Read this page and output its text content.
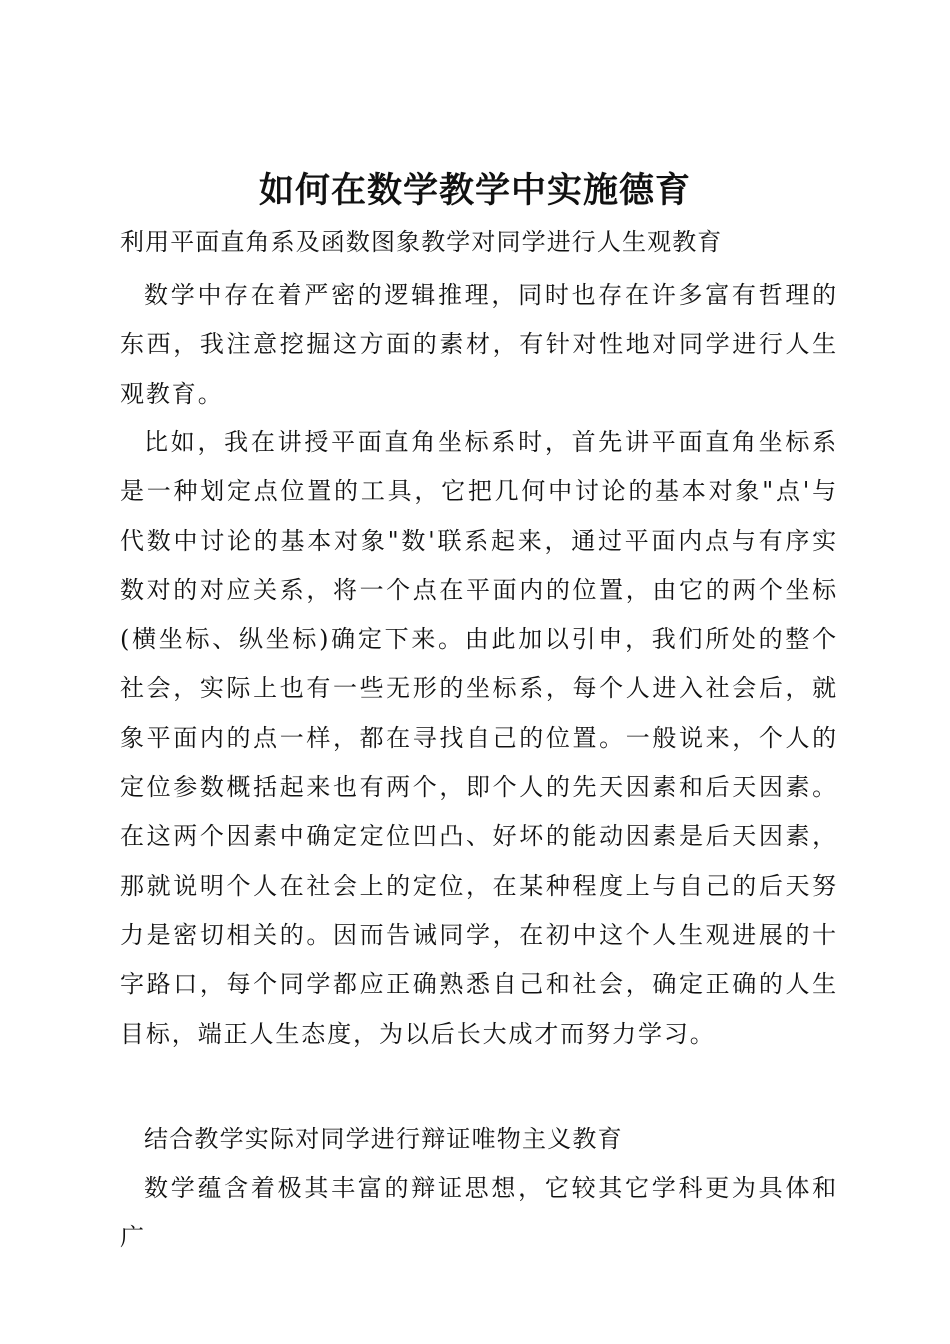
如何在数学教学中实施德育

利用平面直角系及函数图象教学对同学进行人生观教育

数学中存在着严密的逻辑推理，同时也存在许多富有哲理的东西，我注意挖掘这方面的素材，有针对性地对同学进行人生观教育。

比如，我在讲授平面直角坐标系时，首先讲平面直角坐标系是一种划定点位置的工具，它把几何中讨论的基本对象"点'与代数中讨论的基本对象"数'联系起来，通过平面内点与有序实数对的对应关系，将一个点在平面内的位置，由它的两个坐标(横坐标、纵坐标)确定下来。由此加以引申，我们所处的整个社会，实际上也有一些无形的坐标系，每个人进入社会后，就象平面内的点一样，都在寻找自己的位置。一般说来，个人的定位参数概括起来也有两个，即个人的先天因素和后天因素。在这两个因素中确定定位凹凸、好坏的能动因素是后天因素，那就说明个人在社会上的定位，在某种程度上与自己的后天努力是密切相关的。因而告诫同学，在初中这个人生观进展的十字路口，每个同学都应正确熟悉自己和社会，确定正确的人生目标，端正人生态度，为以后长大成才而努力学习。

结合教学实际对同学进行辩证唯物主义教育

数学蕴含着极其丰富的辩证思想，它较其它学科更为具体和广
